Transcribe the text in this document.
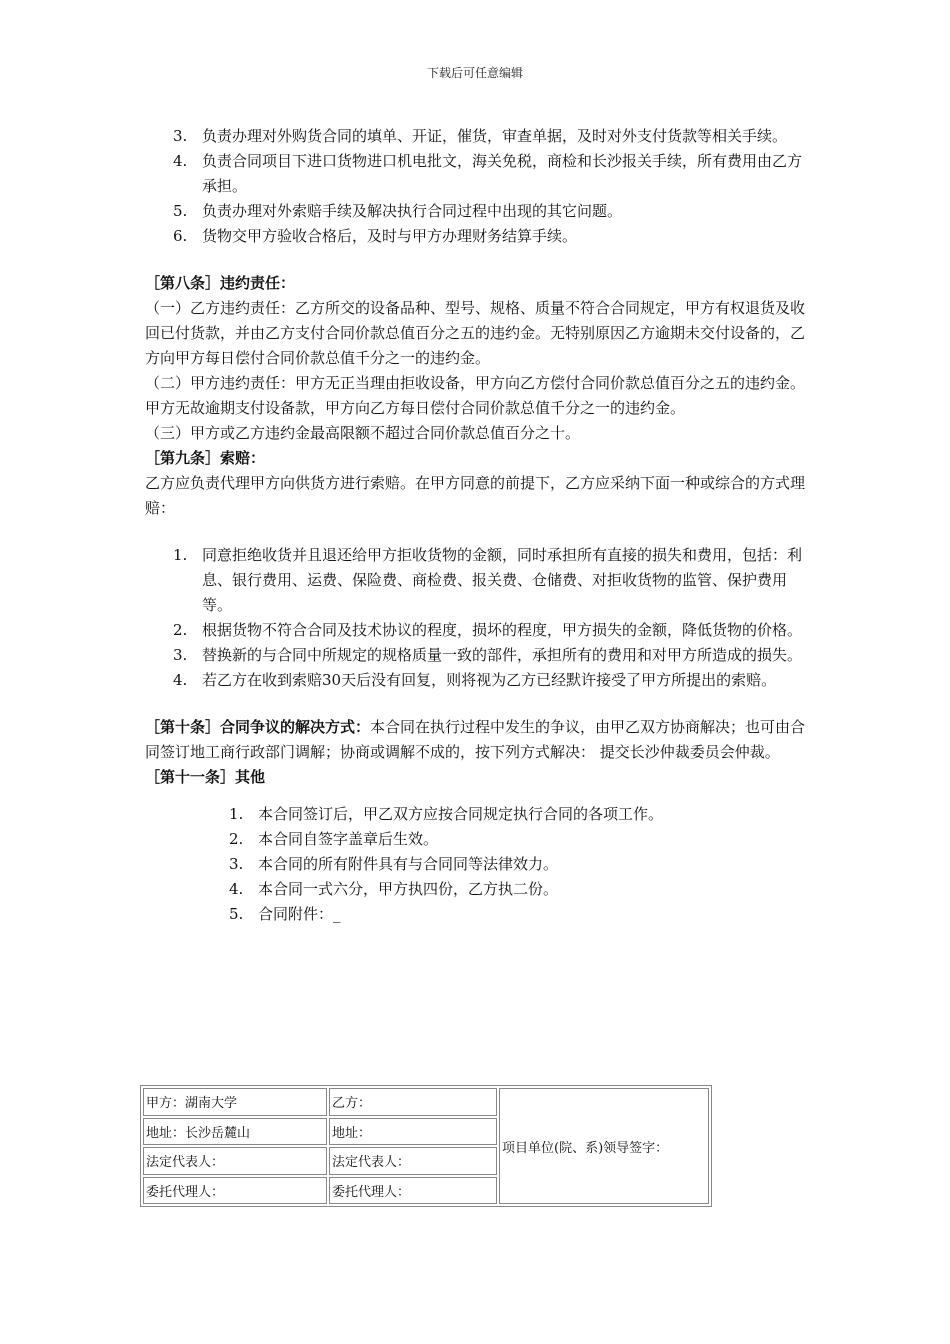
下载后可任意编辑
3. 负责办理对外购货合同的填单、开证，催货，审查单据，及时对外支付货款等相关手续。
4. 负责合同项目下进口货物进口机电批文，海关免税，商检和长沙报关手续，所有费用由乙方承担。
5. 负责办理对外索赔手续及解决执行合同过程中出现的其它问题。
6. 货物交甲方验收合格后，及时与甲方办理财务结算手续。

［第八条］违约责任：

（一）乙方违约责任：乙方所交的设备品种、型号、规格、质量不符合合同规定，甲方有权退货及收回已付货款，并由乙方支付合同价款总值百分之五的违约金。无特别原因乙方逾期未交付设备的，乙方向甲方每日偿付合同价款总值千分之一的违约金。

（二）甲方违约责任：甲方无正当理由拒收设备，甲方向乙方偿付合同价款总值百分之五的违约金。甲方无故逾期支付设备款，甲方向乙方每日偿付合同价款总值千分之一的违约金。

（三）甲方或乙方违约金最高限额不超过合同价款总值百分之十。

［第九条］索赔：

乙方应负责代理甲方向供货方进行索赔。在甲方同意的前提下，乙方应采纳下面一种或综合的方式理赔：

1. 同意拒绝收货并且退还给甲方拒收货物的金额，同时承担所有直接的损失和费用，包括：利息、银行费用、运费、保险费、商检费、报关费、仓储费、对拒收货物的监管、保护费用等。
2. 根据货物不符合合同及技术协议的程度，损坏的程度，甲方损失的金额，降低货物的价格。
3. 替换新的与合同中所规定的规格质量一致的部件，承担所有的费用和对甲方所造成的损失。
4. 若乙方在收到索赔30天后没有回复，则将视为乙方已经默许接受了甲方所提出的索赔。

［第十条］合同争议的解决方式：本合同在执行过程中发生的争议，由甲乙双方协商解决；也可由合同签订地工商行政部门调解；协商或调解不成的，按下列方式解决： 提交长沙仲裁委员会仲裁。

［第十一条］其他

1. 本合同签订后，甲乙双方应按合同规定执行合同的各项工作。
2. 本合同自签字盖章后生效。
3. 本合同的所有附件具有与合同同等法律效力。
4. 本合同一式六分，甲方执四份，乙方执二份。
5. 合同附件：_
甲方：湖南大学	乙方：	项目单位(院、系)领导签字：
地址：长沙岳麓山	地址：	
法定代表人：	法定代表人：	
委托代理人：	委托代理人：	
